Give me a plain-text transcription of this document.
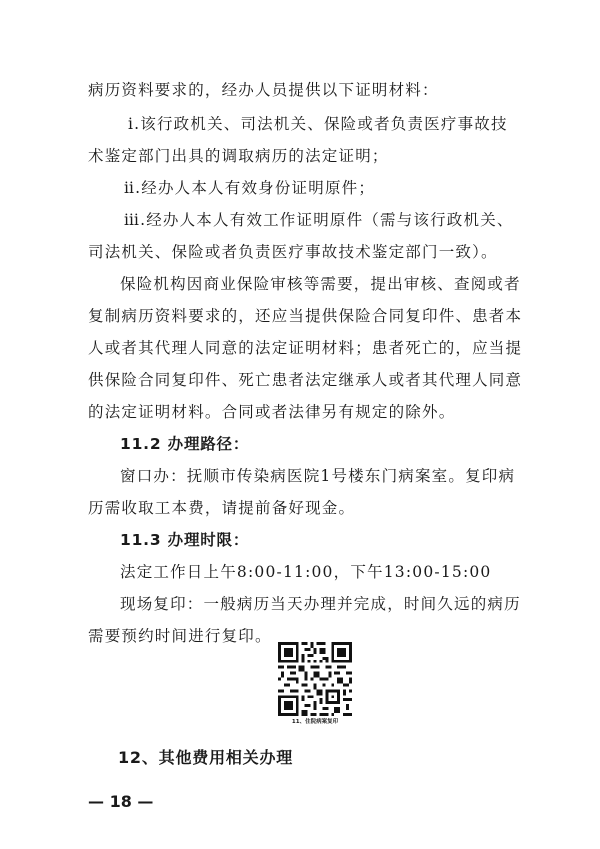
病历资料要求的，经办人员提供以下证明材料：
ⅰ.该行政机关、司法机关、保险或者负责医疗事故技
术鉴定部门出具的调取病历的法定证明；
ⅱ.经办人本人有效身份证明原件；
ⅲ.经办人本人有效工作证明原件（需与该行政机关、
司法机关、保险或者负责医疗事故技术鉴定部门一致）。
保险机构因商业保险审核等需要，提出审核、查阅或者
复制病历资料要求的，还应当提供保险合同复印件、患者本
人或者其代理人同意的法定证明材料；患者死亡的，应当提
供保险合同复印件、死亡患者法定继承人或者其代理人同意
的法定证明材料。合同或者法律另有规定的除外。
11.2 办理路径：
窗口办：抚顺市传染病医院1号楼东门病案室。复印病
历需收取工本费，请提前备好现金。
11.3 办理时限：
法定工作日上午8:00-11:00，下午13:00-15:00
现场复印：一般病历当天办理并完成，时间久远的病历
需要预约时间进行复印。
11、住院病案复印
12、其他费用相关办理
— 18 —
